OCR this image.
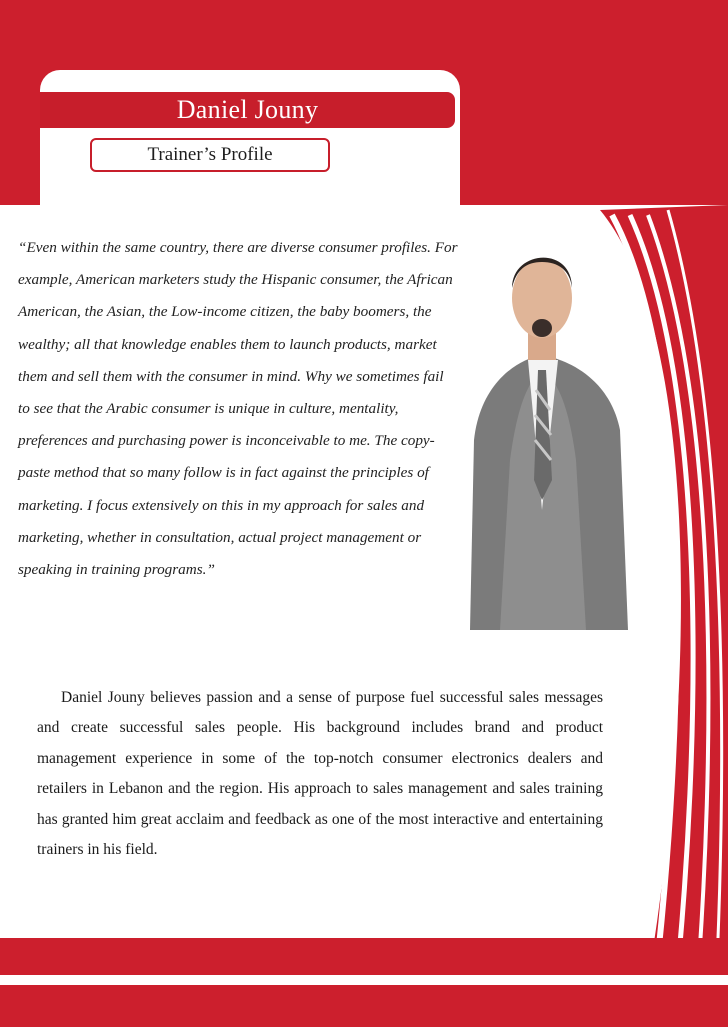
Daniel Jouny
Trainer’s Profile

“Even within the same country, there are diverse consumer profiles. For example, American marketers study the Hispanic consumer, the African American, the Asian, the Low-income citizen, the baby boomers, the wealthy; all that knowledge enables them to launch products, market them and sell them with the consumer in mind. Why we sometimes fail to see that the Arabic consumer is unique in culture, mentality, preferences and purchasing power is inconceivable to me. The copy-paste method that so many follow is in fact against the principles of marketing. I focus extensively on this in my approach for sales and marketing, whether in consultation, actual project management or speaking in training programs.”

Daniel Jouny believes passion and a sense of purpose fuel successful sales messages and create successful sales people. His background includes brand and product management experience in some of the top-notch consumer electronics dealers and retailers in Lebanon and the region. His approach to sales management and sales training has granted him great acclaim and feedback as one of the most interactive and entertaining trainers in his field.
